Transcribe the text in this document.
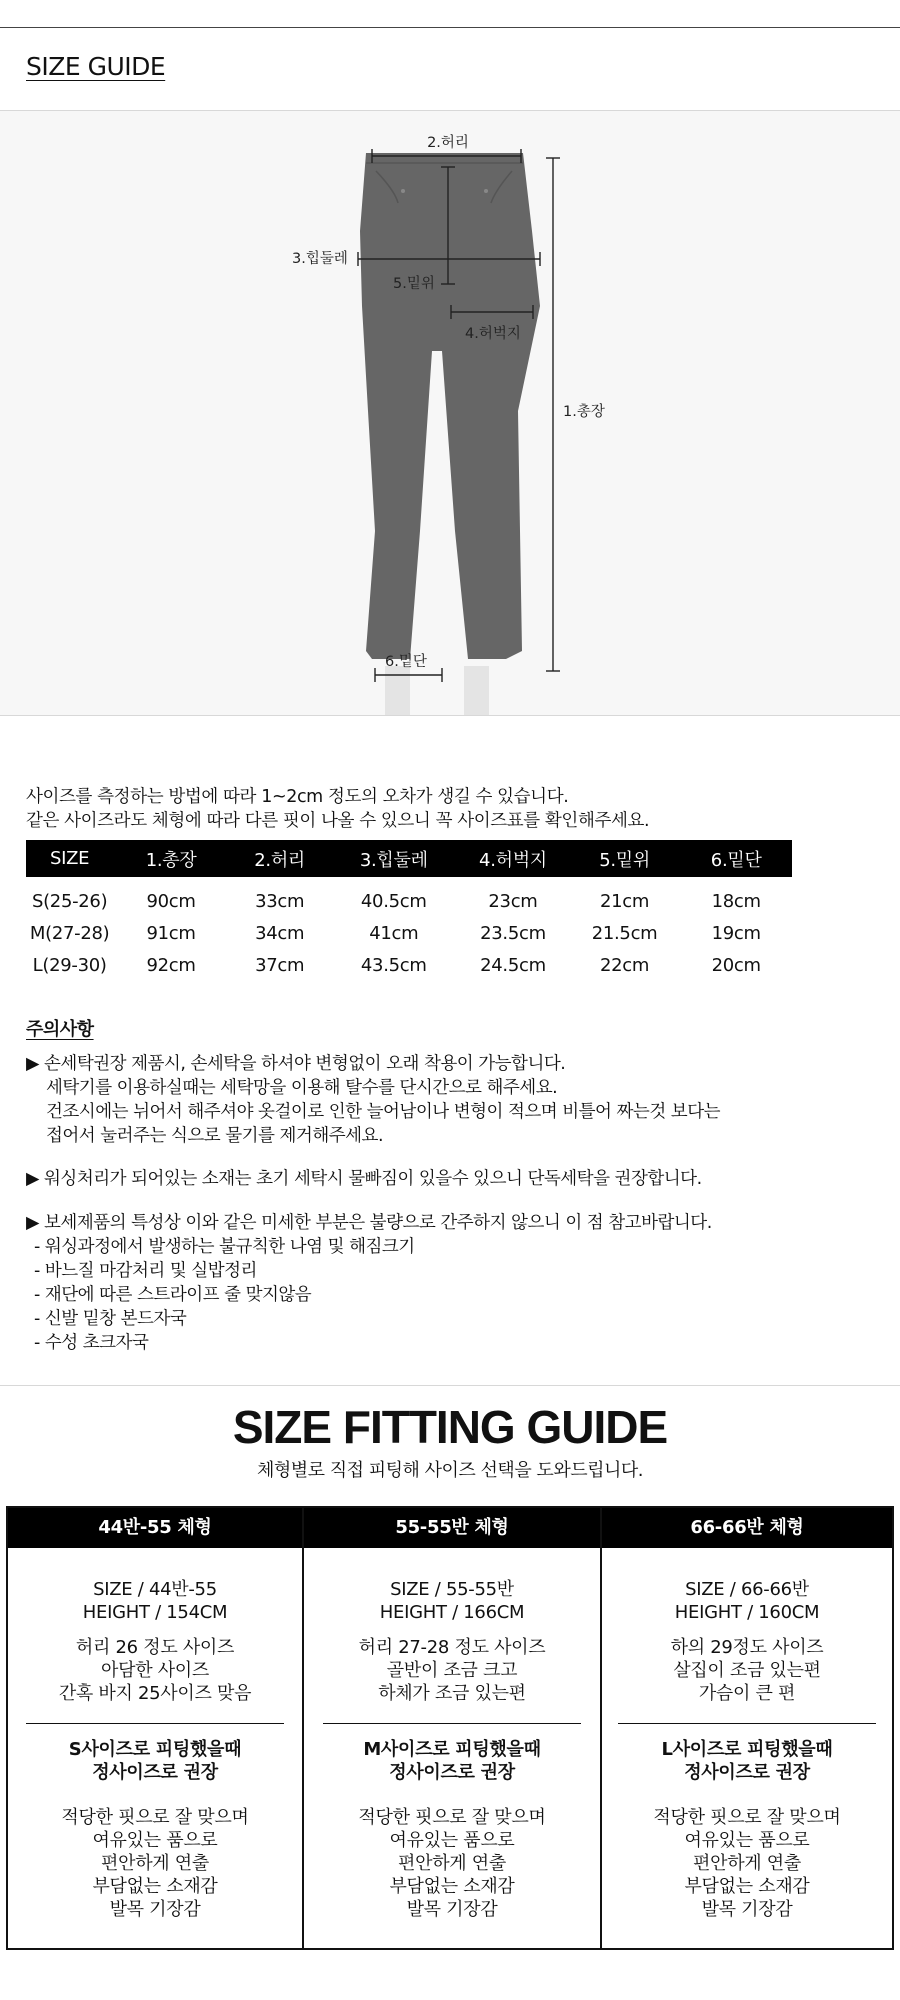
SIZE GUIDE
2.허리
1.총장
3.힙둘레
5.밑위
4.허벅지
6.밑단
사이즈를 측정하는 방법에 따라 1~2cm 정도의 오차가 생길 수 있습니다.
같은 사이즈라도 체형에 따라 다른 핏이 나올 수 있으니 꼭 사이즈표를 확인해주세요.
SIZE	1.총장	2.허리	3.힙둘레	4.허벅지	5.밑위	6.밑단
S(25-26)	90cm	33cm	40.5cm	23cm	21cm	18cm
M(27-28)	91cm	34cm	41cm	23.5cm	21.5cm	19cm
L(29-30)	92cm	37cm	43.5cm	24.5cm	22cm	20cm
주의사항
▶ 손세탁권장 제품시, 손세탁을 하셔야 변형없이 오래 착용이 가능합니다.
세탁기를 이용하실때는 세탁망을 이용해 탈수를 단시간으로 해주세요.
건조시에는 뉘어서 해주셔야 옷걸이로 인한 늘어남이나 변형이 적으며 비틀어 짜는것 보다는
접어서 눌러주는 식으로 물기를 제거해주세요.
▶ 워싱처리가 되어있는 소재는 초기 세탁시 물빠짐이 있을수 있으니 단독세탁을 권장합니다.
▶ 보세제품의 특성상 이와 같은 미세한 부분은 불량으로 간주하지 않으니 이 점 참고바랍니다.
- 워싱과정에서 발생하는 불규칙한 나염 및 해짐크기
- 바느질 마감처리 및 실밥정리
- 재단에 따른 스트라이프 줄 맞지않음
- 신발 밑창 본드자국
- 수성 초크자국
SIZE FITTING GUIDE
체형별로 직접 피팅해 사이즈 선택을 도와드립니다.
44반-55 체형
SIZE / 44반-55
HEIGHT / 154CM
허리 26 정도 사이즈
아담한 사이즈
간혹 바지 25사이즈 맞음
S사이즈로 피팅했을때
정사이즈로 권장
적당한 핏으로 잘 맞으며
여유있는 품으로
편안하게 연출
부담없는 소재감
발목 기장감
55-55반 체형
SIZE / 55-55반
HEIGHT / 166CM
허리 27-28 정도 사이즈
골반이 조금 크고
하체가 조금 있는편
M사이즈로 피팅했을때
정사이즈로 권장
적당한 핏으로 잘 맞으며
여유있는 품으로
편안하게 연출
부담없는 소재감
발목 기장감
66-66반 체형
SIZE / 66-66반
HEIGHT / 160CM
하의 29정도 사이즈
살집이 조금 있는편
가슴이 큰 편
L사이즈로 피팅했을때
정사이즈로 권장
적당한 핏으로 잘 맞으며
여유있는 품으로
편안하게 연출
부담없는 소재감
발목 기장감
